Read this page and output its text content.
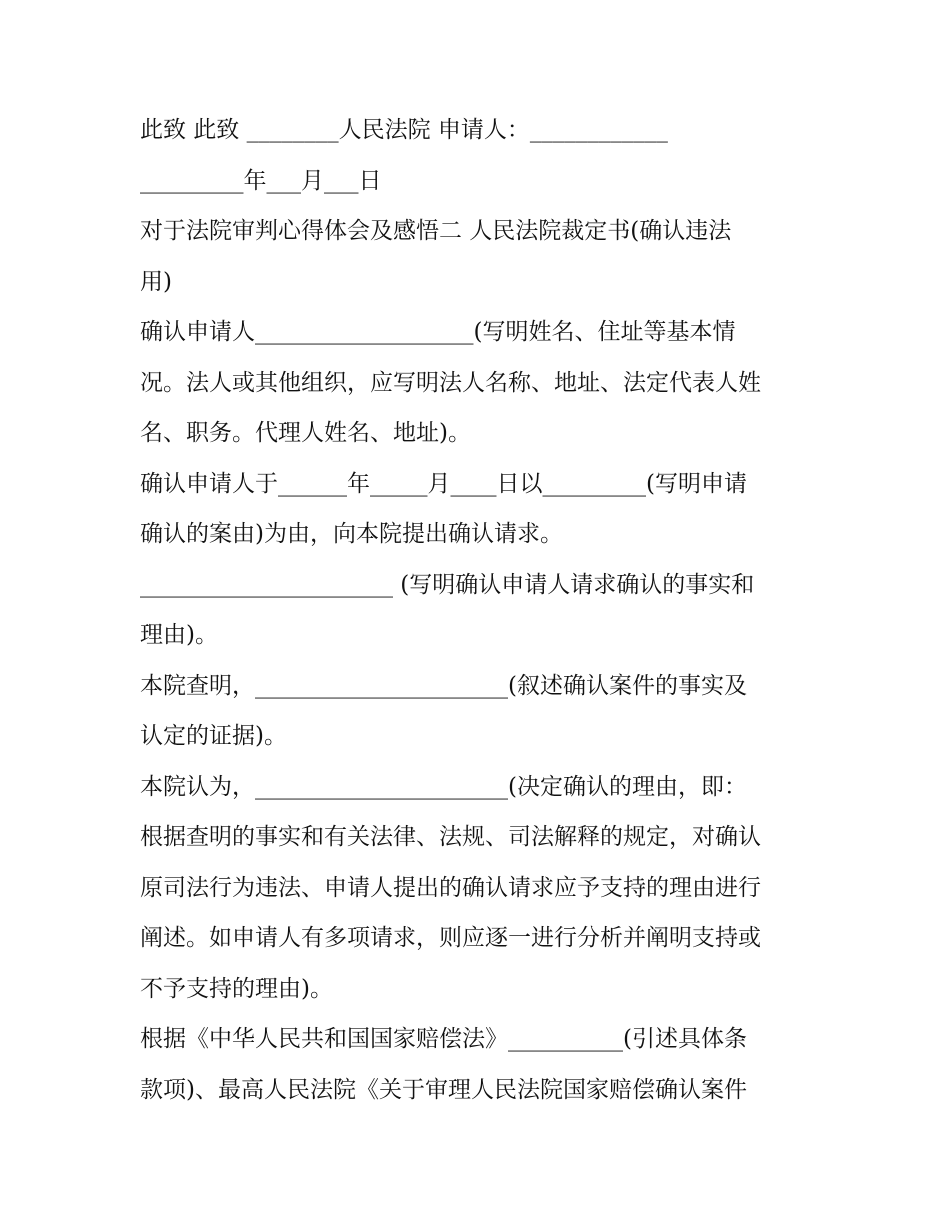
此致 此致 ________人民法院 申请人：____________
_________年___月___日
对于法院审判心得体会及感悟二 人民法院裁定书(确认违法
用)
确认申请人___________________(写明姓名、住址等基本情
况。法人或其他组织，应写明法人名称、地址、法定代表人姓
名、职务。代理人姓名、地址)。
确认申请人于______年_____月____日以_________(写明申请
确认的案由)为由，向本院提出确认请求。
______________________ (写明确认申请人请求确认的事实和
理由)。
本院查明，______________________(叙述确认案件的事实及
认定的证据)。
本院认为，______________________(决定确认的理由，即：
根据查明的事实和有关法律、法规、司法解释的规定，对确认
原司法行为违法、申请人提出的确认请求应予支持的理由进行
阐述。如申请人有多项请求，则应逐一进行分析并阐明支持或
不予支持的理由)。
根据《中华人民共和国国家赔偿法》__________(引述具体条
款项)、最高人民法院《关于审理人民法院国家赔偿确认案件
